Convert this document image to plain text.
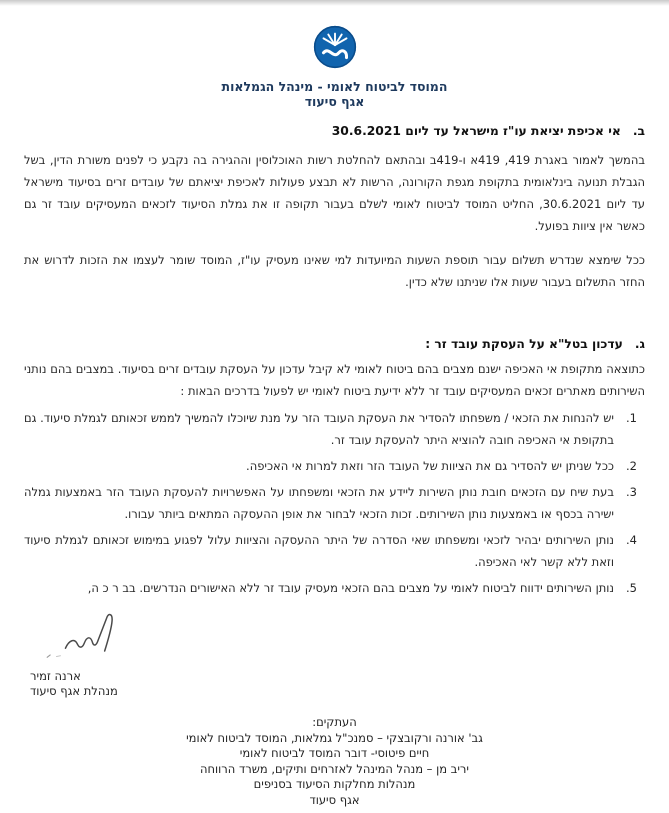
המוסד לביטוח לאומי - מינהל הגמלאות
אגף סיעוד
ב.
אי אכיפת יציאת עו"ז מישראל עד ליום 30.6.2021

בהמשך לאמור באגרת 419, 419א ו-419ב ובהתאם להחלטת רשות האוכלוסין וההגירה בה נקבע כי לפנים משורת הדין, בשל הגבלת תנועה בינלאומית בתקופת מגפת הקורונה, הרשות לא תבצע פעולות לאכיפת יציאתם של עובדים זרים בסיעוד מישראל עד ליום 30.6.2021, החליט המוסד לביטוח לאומי לשלם בעבור תקופה זו את גמלת הסיעוד לזכאים המעסיקים עובד זר גם כאשר אין ציוות בפועל.

ככל שימצא שנדרש תשלום עבור תוספת השעות המיועדות למי שאינו מעסיק עו"ז, המוסד שומר לעצמו את הזכות לדרוש את החזר התשלום בעבור שעות אלו שניתנו שלא כדין.

ג.
עדכון בטל"א על העסקת עובד זר :

כתוצאה מתקופת אי האכיפה ישנם מצבים בהם ביטוח לאומי לא קיבל עדכון על העסקת עובדים זרים בסיעוד. במצבים בהם נותני השירותים מאתרים זכאים המעסיקים עובד זר ללא ידיעת ביטוח לאומי יש לפעול בדרכים הבאות :

1.
יש להנחות את הזכאי / משפחתו להסדיר את העסקת העובד הזר על מנת שיוכלו להמשיך לממש זכאותם לגמלת סיעוד. גם בתקופת אי האכיפה חובה להוציא היתר להעסקת עובד זר.
2.
ככל שניתן יש להסדיר גם את הציוות של העובד הזר וזאת למרות אי האכיפה.
3.
בעת שיח עם הזכאים חובת נותן השירות ליידע את הזכאי ומשפחתו על האפשרויות להעסקת העובד הזר באמצעות גמלה ישירה בכסף או באמצעות נותן השירותים. זכות הזכאי לבחור את אופן ההעסקה המתאים ביותר עבורו.
4.
נותן השירותים יבהיר לזכאי ומשפחתו שאי הסדרה של היתר ההעסקה והציוות עלול לפגוע במימוש זכאותם לגמלת סיעוד וזאת ללא קשר לאי האכיפה.
5.
נותן השירותים ידווח לביטוח לאומי על מצבים בהם הזכאי מעסיק עובד זר ללא האישורים הנדרשים. בב ר כ ה,
ארנה זמיר
מנהלת אגף סיעוד
העתקים:
גב' אורנה ורקובצקי – סמנכ"ל גמלאות, המוסד לביטוח לאומי
חיים פיטוסי- דובר המוסד לביטוח לאומי
יריב מן – מנהל המינהל לאזרחים ותיקים, משרד הרווחה
מנהלות מחלקות הסיעוד בסניפים
אגף סיעוד
